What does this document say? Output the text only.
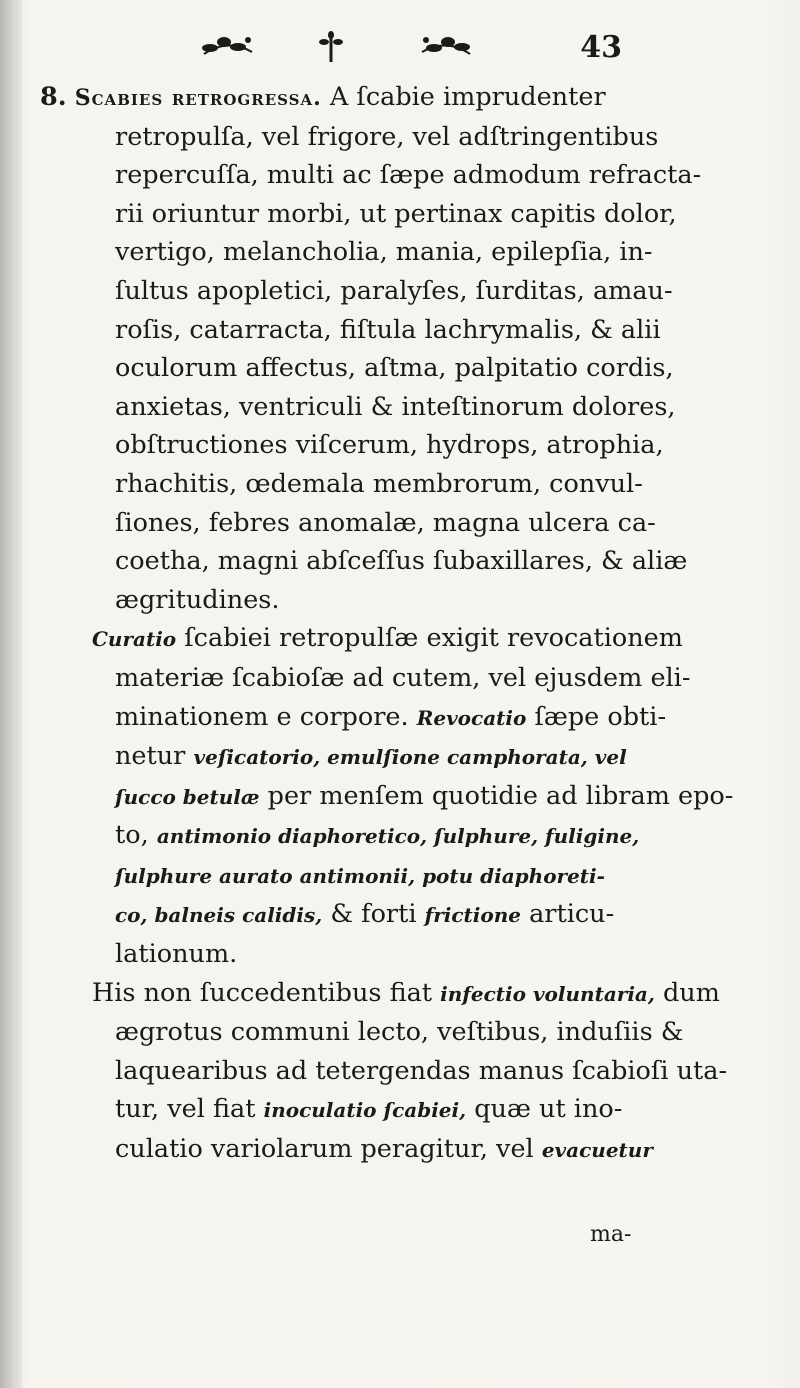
43
8. Scabies retrogressa. A ſcabie imprudenter
retropulſa, vel frigore, vel adſtringentibus
repercuſſa, multi ac ſæpe admodum refracta-
rii oriuntur morbi, ut pertinax capitis dolor,
vertigo, melancholia, mania, epilepſia, in-
ſultus apopletici, paralyſes, ſurditas, amau-
roſis, catarracta, fiſtula lachrymalis, & alii
oculorum affectus, aſtma, palpitatio cordis,
anxietas, ventriculi & inteſtinorum dolores,
obſtructiones viſcerum, hydrops, atrophia,
rhachitis, œdemala membrorum, convul-
ſiones, febres anomalæ, magna ulcera ca-
coetha, magni abſceſſus ſubaxillares, & aliæ
ægritudines.
Curatio ſcabiei retropulſæ exigit revocationem
materiæ ſcabioſæ ad cutem, vel ejusdem eli-
minationem e corpore. Revocatio ſæpe obti-
netur veſicatorio, emulſione camphorata, vel
ſucco betulæ per menſem quotidie ad libram epo-
to, antimonio diaphoretico, ſulphure, fuligine,
ſulphure aurato antimonii, potu diaphoreti-
co, balneis calidis, & forti frictione articu-
lationum.
His non ſuccedentibus fiat infectio voluntaria, dum
ægrotus communi lecto, veſtibus, induſiis &
laquearibus ad tetergendas manus ſcabioſi uta-
tur, vel fiat inoculatio ſcabiei, quæ ut ino-
culatio variolarum peragitur, vel evacuetur
ma-
